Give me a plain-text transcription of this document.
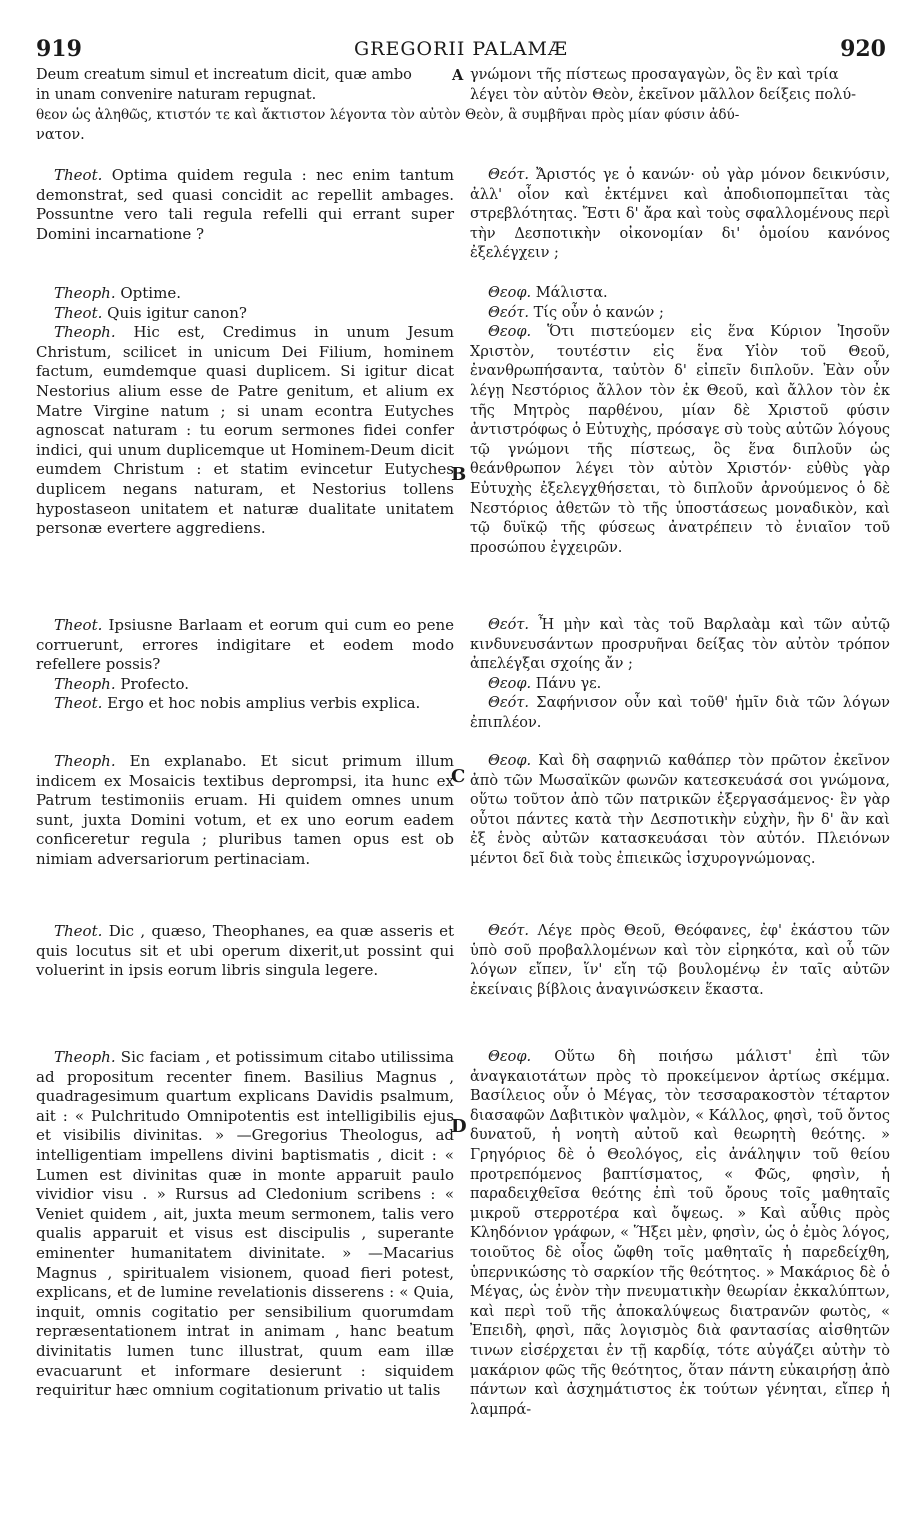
919	GREGORII PALAMÆ	920
Deum creatum simul et increatum dicit, quæ ambo	A γνώμονι τῆς πίστεως προσαγαγὼν, ὃς ἓν καὶ τρία
in unam convenire naturam repugnat.	λέγει τὸν αὐτὸν Θεὸν, ἐκεῖνον μᾶλλον δείξεις πολύ-
θεον ὡς ἀληθῶς, κτιστόν τε καὶ ἄκτιστον λέγοντα τὸν αὐτὸν Θεὸν, ἃ συμβῆναι πρὸς μίαν φύσιν ἀδύ-
νατον.

Theot. Optima quidem regula : nec enim tantum demonstrat, sed quasi concidit ac repellit ambages. Possuntne vero tali regula refelli qui errant super Domini incarnatione ?

Θεότ. Ἄριστός γε ὁ κανών· οὐ γὰρ μόνον δεικνύσιν, ἀλλ' οἷον καὶ ἐκτέμνει καὶ ἀποδιοπομπεῖται τὰς στρεβλότητας. Ἔστι δ' ἄρα καὶ τοὺς σφαλλομένους περὶ τὴν Δεσποτικὴν οἰκονομίαν δι' ὁμοίου κανόνος ἐξελέγχειν ;

Theoph. Optime.

Theot. Quis igitur canon?

Theoph. Hic est, Credimus in unum Jesum Christum, scilicet in unicum Dei Filium, hominem factum, eumdemque quasi duplicem. Si igitur dicat Nestorius alium esse de Patre genitum, et alium ex Matre Virgine natum ; si unam econtra Eutyches agnoscat naturam : tu eorum sermones fidei confer indici, qui unum duplicemque ut Hominem-Deum dicit eumdem Christum : et statim evincetur Eutyches duplicem negans naturam, et Nestorius tollens hypostaseon unitatem et naturæ dualitate unitatem personæ evertere aggrediens.

Θεοφ. Μάλιστα.

Θεότ. Τίς οὖν ὁ κανών ;

Θεοφ. Ὅτι πιστεύομεν εἰς ἕνα Κύριον Ἰησοῦν Χριστὸν, τουτέστιν εἰς ἕνα Υἱὸν τοῦ Θεοῦ, ἐνανθρωπήσαντα, ταὐτὸν δ' εἰπεῖν διπλοῦν. Ἐὰν οὖν λέγῃ Νεστόριος ἄλλον τὸν ἐκ Θεοῦ, καὶ ἄλλον τὸν ἐκ τῆς Μητρὸς παρθένου, μίαν δὲ Χριστοῦ φύσιν ἀντιστρόφως ὁ Εὐτυχὴς, πρόσαγε σὺ τοὺς αὐτῶν λόγους τῷ γνώμονι τῆς πίστεως, ὃς ἕνα διπλοῦν ὡς θεάνθρωπον λέγει τὸν αὐτὸν Χριστόν· εὐθὺς γὰρ Εὐτυχὴς ἐξελεγχθήσεται, τὸ διπλοῦν ἀρνούμενος ὁ δὲ Νεστόριος ἀθετῶν τὸ τῆς ὑποστάσεως μοναδικὸν, καὶ τῷ δυϊκῷ τῆς φύσεως ἀνατρέπειν τὸ ἑνιαῖον τοῦ προσώπου ἐγχειρῶν.

B

Theot. Ipsiusne Barlaam et eorum qui cum eo pene corruerunt, errores indigitare et eodem modo refellere possis?

Theoph. Profecto.

Theot. Ergo et hoc nobis amplius verbis explica.

Θεότ. Ἦ μὴν καὶ τὰς τοῦ Βαρλαὰμ καὶ τῶν αὐτῷ κινδυνευσάντων προσρυῆναι δείξας τὸν αὐτὸν τρόπον ἀπελέγξαι σχοίης ἄν ;

Θεοφ. Πάνυ γε.

Θεότ. Σαφήνισον οὖν καὶ τοῦθ' ἡμῖν διὰ τῶν λόγων ἐπιπλέον.

Theoph. En explanabo. Et sicut primum illum indicem ex Mosaicis textibus deprompsi, ita hunc ex Patrum testimoniis eruam. Hi quidem omnes unum sunt, juxta Domini votum, et ex uno eorum eadem conficeretur regula ; pluribus tamen opus est ob nimiam adversariorum pertinaciam.

Θεοφ. Καὶ δὴ σαφηνιῶ καθάπερ τὸν πρῶτον ἐκεῖνον ἀπὸ τῶν Μωσαϊκῶν φωνῶν κατεσκευάσά σοι γνώμονα, οὕτω τοῦτον ἀπὸ τῶν πατρικῶν ἐξεργασάμενος· ἓν γὰρ οὗτοι πάντες κατὰ τὴν Δεσποτικὴν εὐχὴν, ἣν δ' ἂν καὶ ἐξ ἑνὸς αὐτῶν κατασκευάσαι τὸν αὐτόν. Πλειόνων μέντοι δεῖ διὰ τοὺς ἐπιεικῶς ἰσχυρογνώμονας.

C

Theot. Dic , quæso, Theophanes, ea quæ asseris et quis locutus sit et ubi operum dixerit,ut possint qui voluerint in ipsis eorum libris singula legere.

Θεότ. Λέγε πρὸς Θεοῦ, Θεόφανες, ἐφ' ἑκάστου τῶν ὑπὸ σοῦ προβαλλομένων καὶ τὸν εἰρηκότα, καὶ οὗ τῶν λόγων εἴπεν, ἵν' εἴη τῷ βουλομένῳ ἐν ταῖς αὐτῶν ἐκείναις βίβλοις ἀναγινώσκειν ἕκαστα.

Theoph. Sic faciam , et potissimum citabo utilissima ad propositum recenter finem. Basilius Magnus , quadragesimum quartum explicans Davidis psalmum, ait : « Pulchritudo Omnipotentis est intelligibilis ejus et visibilis divinitas. » —Gregorius Theologus, ad intelligentiam impellens divini baptismatis , dicit : « Lumen est divinitas quæ in monte apparuit paulo vividior visu . » Rursus ad Cledonium scribens : « Veniet quidem , ait, juxta meum sermonem, talis vero qualis apparuit et visus est discipulis , superante eminenter humanitatem divinitate. » —Macarius Magnus , spiritualem visionem, quoad fieri potest, explicans, et de lumine revelationis disserens : « Quia, inquit, omnis cogitatio per sensibilium quorumdam repræsentationem intrat in animam , hanc beatum divinitatis lumen tunc illustrat, quum eam illæ evacuarunt et informare desierunt : siquidem requiritur hæc omnium cogitationum privatio ut talis

Θεοφ. Οὕτω δὴ ποιήσω μάλιστ' ἐπὶ τῶν ἀναγκαιοτάτων πρὸς τὸ προκείμενον ἀρτίως σκέμμα. Βασίλειος οὖν ὁ Μέγας, τὸν τεσσαρακοστὸν τέταρτον διασαφῶν Δαβιτικὸν ψαλμὸν, « Κάλλος, φησὶ, τοῦ ὄντος δυνατοῦ, ἡ νοητὴ αὐτοῦ καὶ θεωρητὴ θεότης. » Γρηγόριος δὲ ὁ Θεολόγος, εἰς ἀνάληψιν τοῦ θείου προτρεπόμενος βαπτίσματος, « Φῶς, φησὶν, ἡ παραδειχθεῖσα θεότης ἐπὶ τοῦ ὄρους τοῖς μαθηταῖς μικροῦ στερροτέρα καὶ ὄψεως. » Καὶ αὖθις πρὸς Κληδόνιον γράφων, « Ἥξει μὲν, φησὶν, ὡς ὁ ἐμὸς λόγος, τοιοῦτος δὲ οἷος ὤφθη τοῖς μαθηταῖς ἡ παρεδείχθη, ὑπερνικώσης τὸ σαρκίον τῆς θεότητος. » Μακάριος δὲ ὁ Μέγας, ὡς ἐνὸν τὴν πνευματικὴν θεωρίαν ἐκκαλύπτων, καὶ περὶ τοῦ τῆς ἀποκαλύψεως διατρανῶν φωτὸς, « Ἐπειδὴ, φησὶ, πᾶς λογισμὸς διὰ φαντασίας αἰσθητῶν τινων εἰσέρχεται ἐν τῇ καρδίᾳ, τότε αὐγάζει αὐτὴν τὸ μακάριον φῶς τῆς θεότητος, ὅταν πάντη εὐκαιρήσῃ ἀπὸ πάντων καὶ ἀσχημάτιστος ἐκ τούτων γένηται, εἴπερ ἡ λαμπρά-

D
